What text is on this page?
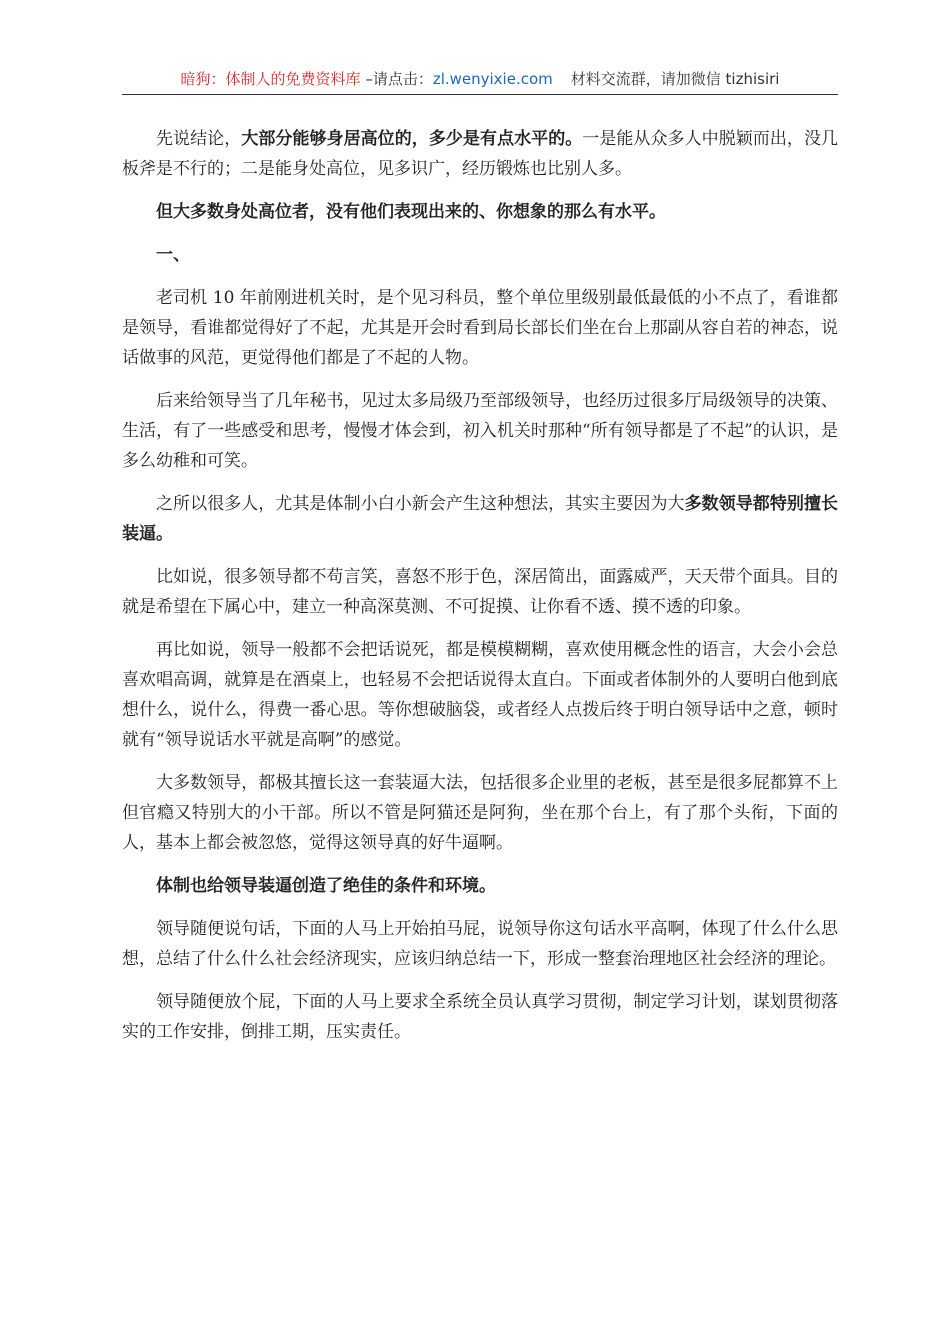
暗狗：体制人的免费资料库 –请点击：zl.wenyixie.com 材料交流群，请加微信 tizhisiri

先说结论，大部分能够身居高位的，多少是有点水平的。一是能从众多人中脱颖而出，没几板斧是不行的；二是能身处高位，见多识广，经历锻炼也比别人多。

但大多数身处高位者，没有他们表现出来的、你想象的那么有水平。

一、

老司机 10 年前刚进机关时，是个见习科员，整个单位里级别最低最低的小不点了，看谁都是领导，看谁都觉得好了不起，尤其是开会时看到局长部长们坐在台上那副从容自若的神态，说话做事的风范，更觉得他们都是了不起的人物。

后来给领导当了几年秘书，见过太多局级乃至部级领导，也经历过很多厅局级领导的决策、生活，有了一些感受和思考，慢慢才体会到，初入机关时那种“所有领导都是了不起”的认识，是多么幼稚和可笑。

之所以很多人，尤其是体制小白小新会产生这种想法，其实主要因为大多数领导都特别擅长装逼。

比如说，很多领导都不苟言笑，喜怒不形于色，深居简出，面露威严，天天带个面具。目的就是希望在下属心中，建立一种高深莫测、不可捉摸、让你看不透、摸不透的印象。

再比如说，领导一般都不会把话说死，都是模模糊糊，喜欢使用概念性的语言，大会小会总喜欢唱高调，就算是在酒桌上，也轻易不会把话说得太直白。下面或者体制外的人要明白他到底想什么，说什么，得费一番心思。等你想破脑袋，或者经人点拨后终于明白领导话中之意，顿时就有“领导说话水平就是高啊”的感觉。

大多数领导，都极其擅长这一套装逼大法，包括很多企业里的老板，甚至是很多屁都算不上但官瘾又特别大的小干部。所以不管是阿猫还是阿狗，坐在那个台上，有了那个头衔，下面的人，基本上都会被忽悠，觉得这领导真的好牛逼啊。

体制也给领导装逼创造了绝佳的条件和环境。

领导随便说句话，下面的人马上开始拍马屁，说领导你这句话水平高啊，体现了什么什么思想，总结了什么什么社会经济现实，应该归纳总结一下，形成一整套治理地区社会经济的理论。

领导随便放个屁，下面的人马上要求全系统全员认真学习贯彻，制定学习计划，谋划贯彻落实的工作安排，倒排工期，压实责任。
